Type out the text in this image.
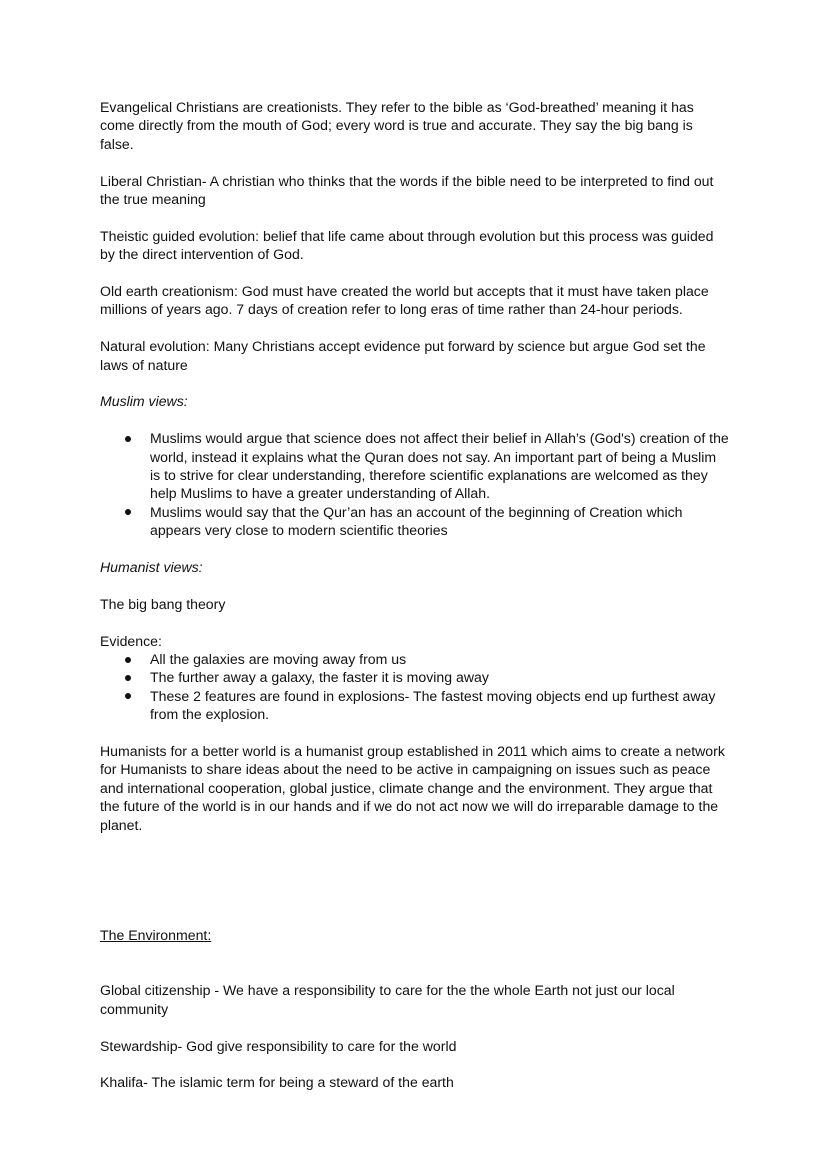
Evangelical Christians are creationists. They refer to the bible as ‘God-breathed’ meaning it has come directly from the mouth of God; every word is true and accurate. They say the big bang is false.

Liberal Christian- A christian who thinks that the words if the bible need to be interpreted to find out the true meaning

Theistic guided evolution: belief that life came about through evolution but this process was guided by the direct intervention of God.

Old earth creationism: God must have created the world but accepts that it must have taken place millions of years ago. 7 days of creation refer to long eras of time rather than 24-hour periods.

Natural evolution: Many Christians accept evidence put forward by science but argue God set the laws of nature

Muslim views:

Muslims would argue that science does not affect their belief in Allah’s (God's) creation of the world, instead it explains what the Quran does not say. An important part of being a Muslim is to strive for clear understanding, therefore scientific explanations are welcomed as they help Muslims to have a greater understanding of Allah.
Muslims would say that the Qur’an has an account of the beginning of Creation which appears very close to modern scientific theories

Humanist views:

The big bang theory

Evidence:

All the galaxies are moving away from us
The further away a galaxy, the faster it is moving away
These 2 features are found in explosions- The fastest moving objects end up furthest away from the explosion.

Humanists for a better world is a humanist group established in 2011 which aims to create a network for Humanists to share ideas about the need to be active in campaigning on issues such as peace and international cooperation, global justice, climate change and the environment. They argue that the future of the world is in our hands and if we do not act now we will do irreparable damage to the planet.

The Environment:

Global citizenship - We have a responsibility to care for the the whole Earth not just our local community

Stewardship- God give responsibility to care for the world

Khalifa- The islamic term for being a steward of the earth
